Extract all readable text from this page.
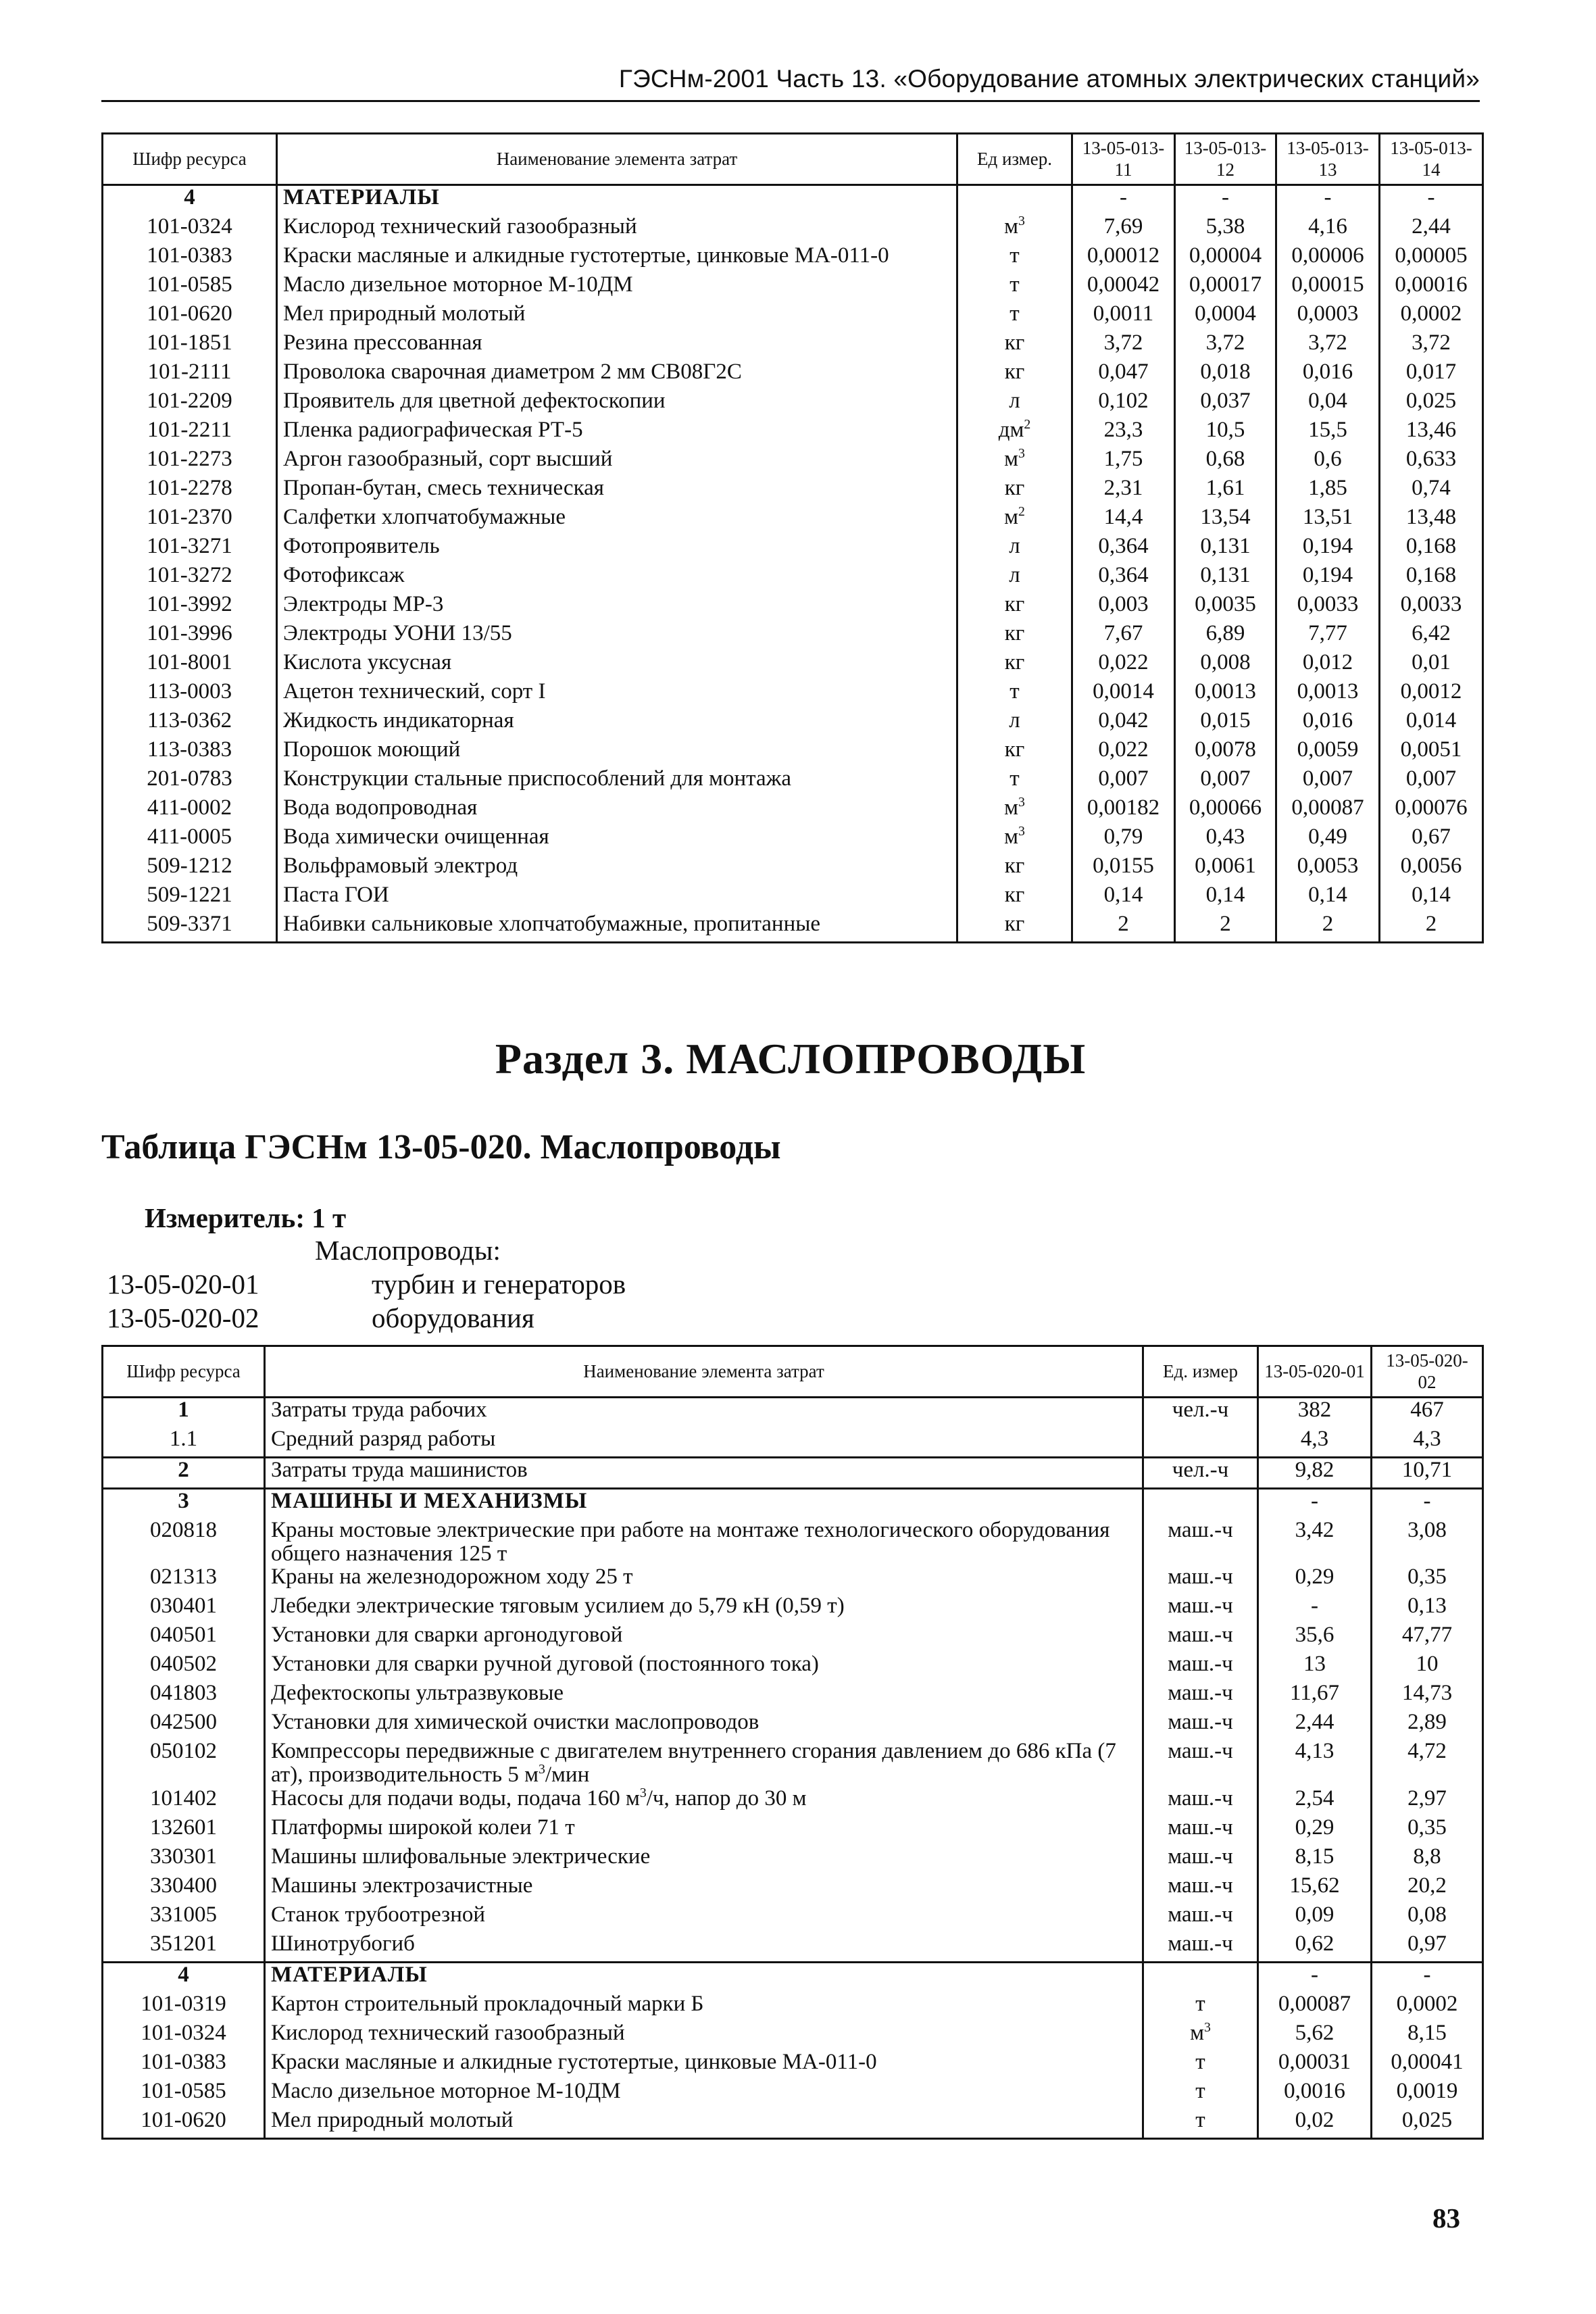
ГЭСНм-2001 Часть 13. «Оборудование атомных электрических станций»
Шифр ресурса	Наименование элемента затрат	Ед измер.	13-05-013-11	13-05-013-12	13-05-013-13	13-05-013-14
4	МАТЕРИАЛЫ		-	-	-	-
101-0324	Кислород технический газообразный	$м^3$	7,69	5,38	4,16	2,44
101-0383	Краски масляные и алкидные густотертые, цинковые МА-011-0	т	0,00012	0,00004	0,00006	0,00005
101-0585	Масло дизельное моторное М-10ДМ	т	0,00042	0,00017	0,00015	0,00016
101-0620	Мел природный молотый	т	0,0011	0,0004	0,0003	0,0002
101-1851	Резина прессованная	кг	3,72	3,72	3,72	3,72
101-2111	Проволока сварочная диаметром 2 мм СВ08Г2С	кг	0,047	0,018	0,016	0,017
101-2209	Проявитель для цветной дефектоскопии	л	0,102	0,037	0,04	0,025
101-2211	Пленка радиографическая РТ-5	$дм^2$	23,3	10,5	15,5	13,46
101-2273	Аргон газообразный, сорт высший	$м^3$	1,75	0,68	0,6	0,633
101-2278	Пропан-бутан, смесь техническая	кг	2,31	1,61	1,85	0,74
101-2370	Салфетки хлопчатобумажные	$м^2$	14,4	13,54	13,51	13,48
101-3271	Фотопроявитель	л	0,364	0,131	0,194	0,168
101-3272	Фотофиксаж	л	0,364	0,131	0,194	0,168
101-3992	Электроды МР-3	кг	0,003	0,0035	0,0033	0,0033
101-3996	Электроды УОНИ 13/55	кг	7,67	6,89	7,77	6,42
101-8001	Кислота уксусная	кг	0,022	0,008	0,012	0,01
113-0003	Ацетон технический, сорт I	т	0,0014	0,0013	0,0013	0,0012
113-0362	Жидкость индикаторная	л	0,042	0,015	0,016	0,014
113-0383	Порошок моющий	кг	0,022	0,0078	0,0059	0,0051
201-0783	Конструкции стальные приспособлений для монтажа	т	0,007	0,007	0,007	0,007
411-0002	Вода водопроводная	$м^3$	0,00182	0,00066	0,00087	0,00076
411-0005	Вода химически очищенная	$м^3$	0,79	0,43	0,49	0,67
509-1212	Вольфрамовый электрод	кг	0,0155	0,0061	0,0053	0,0056
509-1221	Паста ГОИ	кг	0,14	0,14	0,14	0,14
509-3371	Набивки сальниковые хлопчатобумажные, пропитанные	кг	2	2	2	2
Раздел 3. МАСЛОПРОВОДЫ
Таблица ГЭСНм 13-05-020. Маслопроводы
Измеритель: 1 т
Маслопроводы:
13-05-020-01	турбин и генераторов
13-05-020-02	оборудования
Шифр ресурса	Наименование элемента затрат	Ед. измер	13-05-020-01	13-05-020-02
1	Затраты труда рабочих	чел.-ч	382	467
1.1	Средний разряд работы		4,3	4,3
2	Затраты труда машинистов	чел.-ч	9,82	10,71
3	МАШИНЫ И МЕХАНИЗМЫ		-	-
020818	Краны мостовые электрические при работе на монтаже технологического оборудования общего назначения 125 т	маш.-ч	3,42	3,08
021313	Краны на железнодорожном ходу 25 т	маш.-ч	0,29	0,35
030401	Лебедки электрические тяговым усилием до 5,79 кН (0,59 т)	маш.-ч	-	0,13
040501	Установки для сварки аргонодуговой	маш.-ч	35,6	47,77
040502	Установки для сварки ручной дуговой (постоянного тока)	маш.-ч	13	10
041803	Дефектоскопы ультразвуковые	маш.-ч	11,67	14,73
042500	Установки для химической очистки маслопроводов	маш.-ч	2,44	2,89
050102	Компрессоры передвижные с двигателем внутреннего сгорания давлением до 686 кПа (7 ат), производительность 5 $м^3$/мин	маш.-ч	4,13	4,72
101402	Насосы для подачи воды, подача 160 $м^3/ч$, напор до 30 м	маш.-ч	2,54	2,97
132601	Платформы широкой колеи 71 т	маш.-ч	0,29	0,35
330301	Машины шлифовальные электрические	маш.-ч	8,15	8,8
330400	Машины электрозачистные	маш.-ч	15,62	20,2
331005	Станок трубоотрезной	маш.-ч	0,09	0,08
351201	Шинотрубогиб	маш.-ч	0,62	0,97
4	МАТЕРИАЛЫ		-	-
101-0319	Картон строительный прокладочный марки Б	т	0,00087	0,0002
101-0324	Кислород технический газообразный	$м^3$	5,62	8,15
101-0383	Краски масляные и алкидные густотертые, цинковые МА-011-0	т	0,00031	0,00041
101-0585	Масло дизельное моторное М-10ДМ	т	0,0016	0,0019
101-0620	Мел природный молотый	т	0,02	0,025
83
